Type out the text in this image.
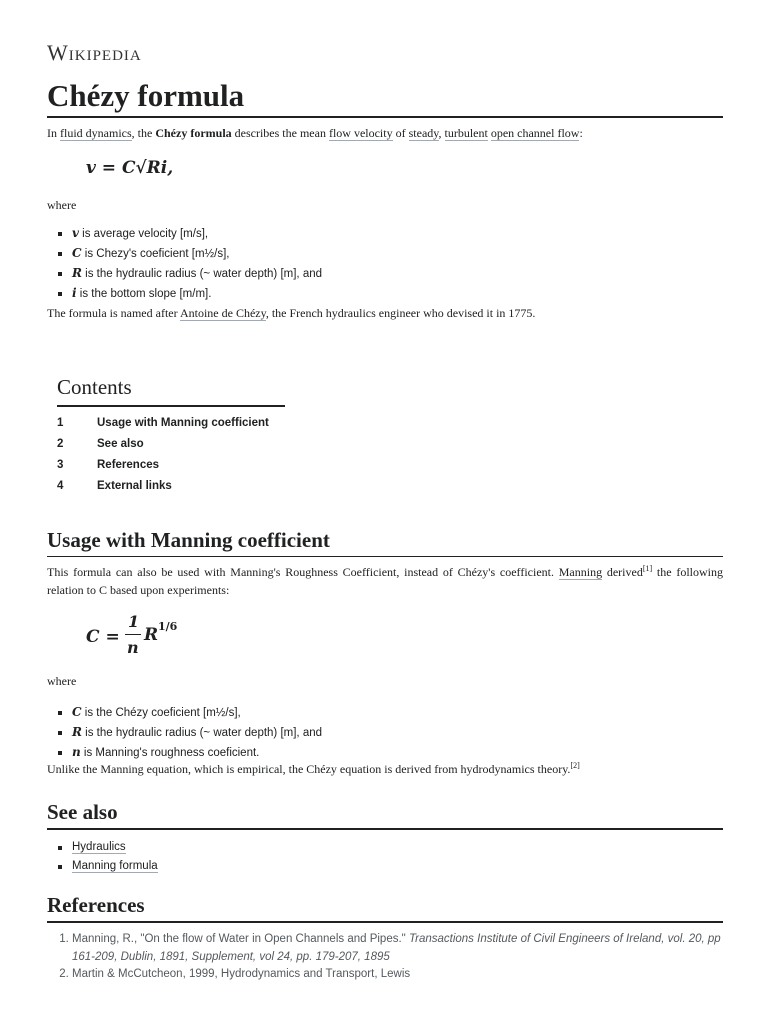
Wikipedia
Chézy formula
In fluid dynamics, the Chézy formula describes the mean flow velocity of steady, turbulent open channel flow:
v = C√Ri,
where
v is average velocity [m/s],
C is Chezy's coeficient [m½/s],
R is the hydraulic radius (~ water depth) [m], and
i is the bottom slope [m/m].
The formula is named after Antoine de Chézy, the French hydraulics engineer who devised it in 1775.
Contents
1	Usage with Manning coefficient
2	See also
3	References
4	External links
Usage with Manning coefficient
This formula can also be used with Manning's Roughness Coefficient, instead of Chézy's coefficient. Manning derived[1] the following relation to C based upon experiments:
C =
1
n
R 1/6
where
C is the Chézy coeficient [m½/s],
R is the hydraulic radius (~ water depth) [m], and
n is Manning's roughness coeficient.
Unlike the Manning equation, which is empirical, the Chézy equation is derived from hydrodynamics theory.[2]
See also
Hydraulics
Manning formula
References
1. Manning, R., "On the flow of Water in Open Channels and Pipes." Transactions Institute of Civil Engineers of Ireland, vol. 20, pp 161-209, Dublin, 1891, Supplement, vol 24, pp. 179-207, 1895
2. Martin & McCutcheon, 1999, Hydrodynamics and Transport, Lewis
